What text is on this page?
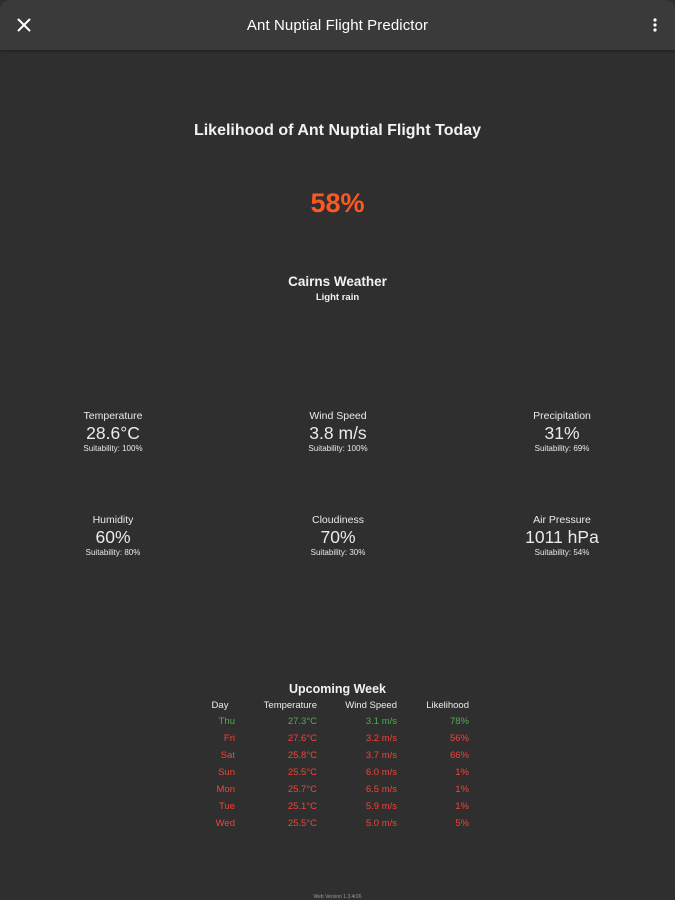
Ant Nuptial Flight Predictor
Likelihood of Ant Nuptial Flight Today
58%
Cairns Weather
Light rain
Temperature
28.6°C
Suitability: 100%
Wind Speed
3.8 m/s
Suitability: 100%
Precipitation
31%
Suitability: 69%
Humidity
60%
Suitability: 80%
Cloudiness
70%
Suitability: 30%
Air Pressure
1011 hPa
Suitability: 54%
Upcoming Week
Day	Temperature	Wind Speed	Likelihood
Thu	27.3°C	3.1 m/s	78%
Fri	27.6°C	3.2 m/s	56%
Sat	25.8°C	3.7 m/s	66%
Sun	25.5°C	6.0 m/s	1%
Mon	25.7°C	6.5 m/s	1%
Tue	25.1°C	5.9 m/s	1%
Wed	25.5°C	5.0 m/s	5%
Web Version 1.3.4r26
